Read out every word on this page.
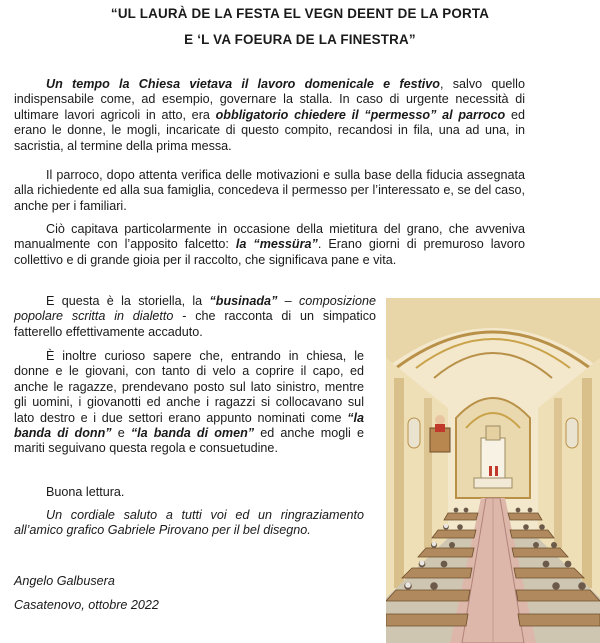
“UL LAURÀ DE LA FESTA EL VEGN DEENT DE LA PORTA
E ‘L VA FOEURA DE LA FINESTRA”

Un tempo la Chiesa vietava il lavoro domenicale e festivo, salvo quello indispensabile come, ad esempio, governare la stalla. In caso di urgente necessità di ultimare lavori agricoli in atto, era obbligatorio chiedere il “permesso” al parroco ed erano le donne, le mogli, incaricate di questo compito, recandosi in fila, una ad una, in sacristia, al termine della prima messa.

Il parroco, dopo attenta verifica delle motivazioni e sulla base della fiducia assegnata alla richiedente ed alla sua famiglia, concedeva il permesso per l’interessato e, se del caso, anche per i familiari.

Ciò capitava particolarmente in occasione della mietitura del grano, che avveniva manualmente con l’apposito falcetto: la “messüra”. Erano giorni di premuroso lavoro collettivo e di grande gioia per il raccolto, che significava pane e vita.

E questa è la storiella, la “businada” – composizione popolare scritta in dialetto - che racconta di un simpatico fatterello effettivamente accaduto.

È inoltre curioso sapere che, entrando in chiesa, le donne e le giovani, con tanto di velo a coprire il capo, ed anche le ragazze, prendevano posto sul lato sinistro, mentre gli uomini, i giovanotti ed anche i ragazzi si collocavano sul lato destro e i due settori erano appunto nominati come “la banda di donn” e “la banda di omen” ed anche mogli e mariti seguivano questa regola e consuetudine.

Buona lettura.

Un cordiale saluto a tutti voi ed un ringraziamento all’amico grafico Gabriele Pirovano per il bel disegno.

Angelo Galbusera
Casatenovo, ottobre 2022
